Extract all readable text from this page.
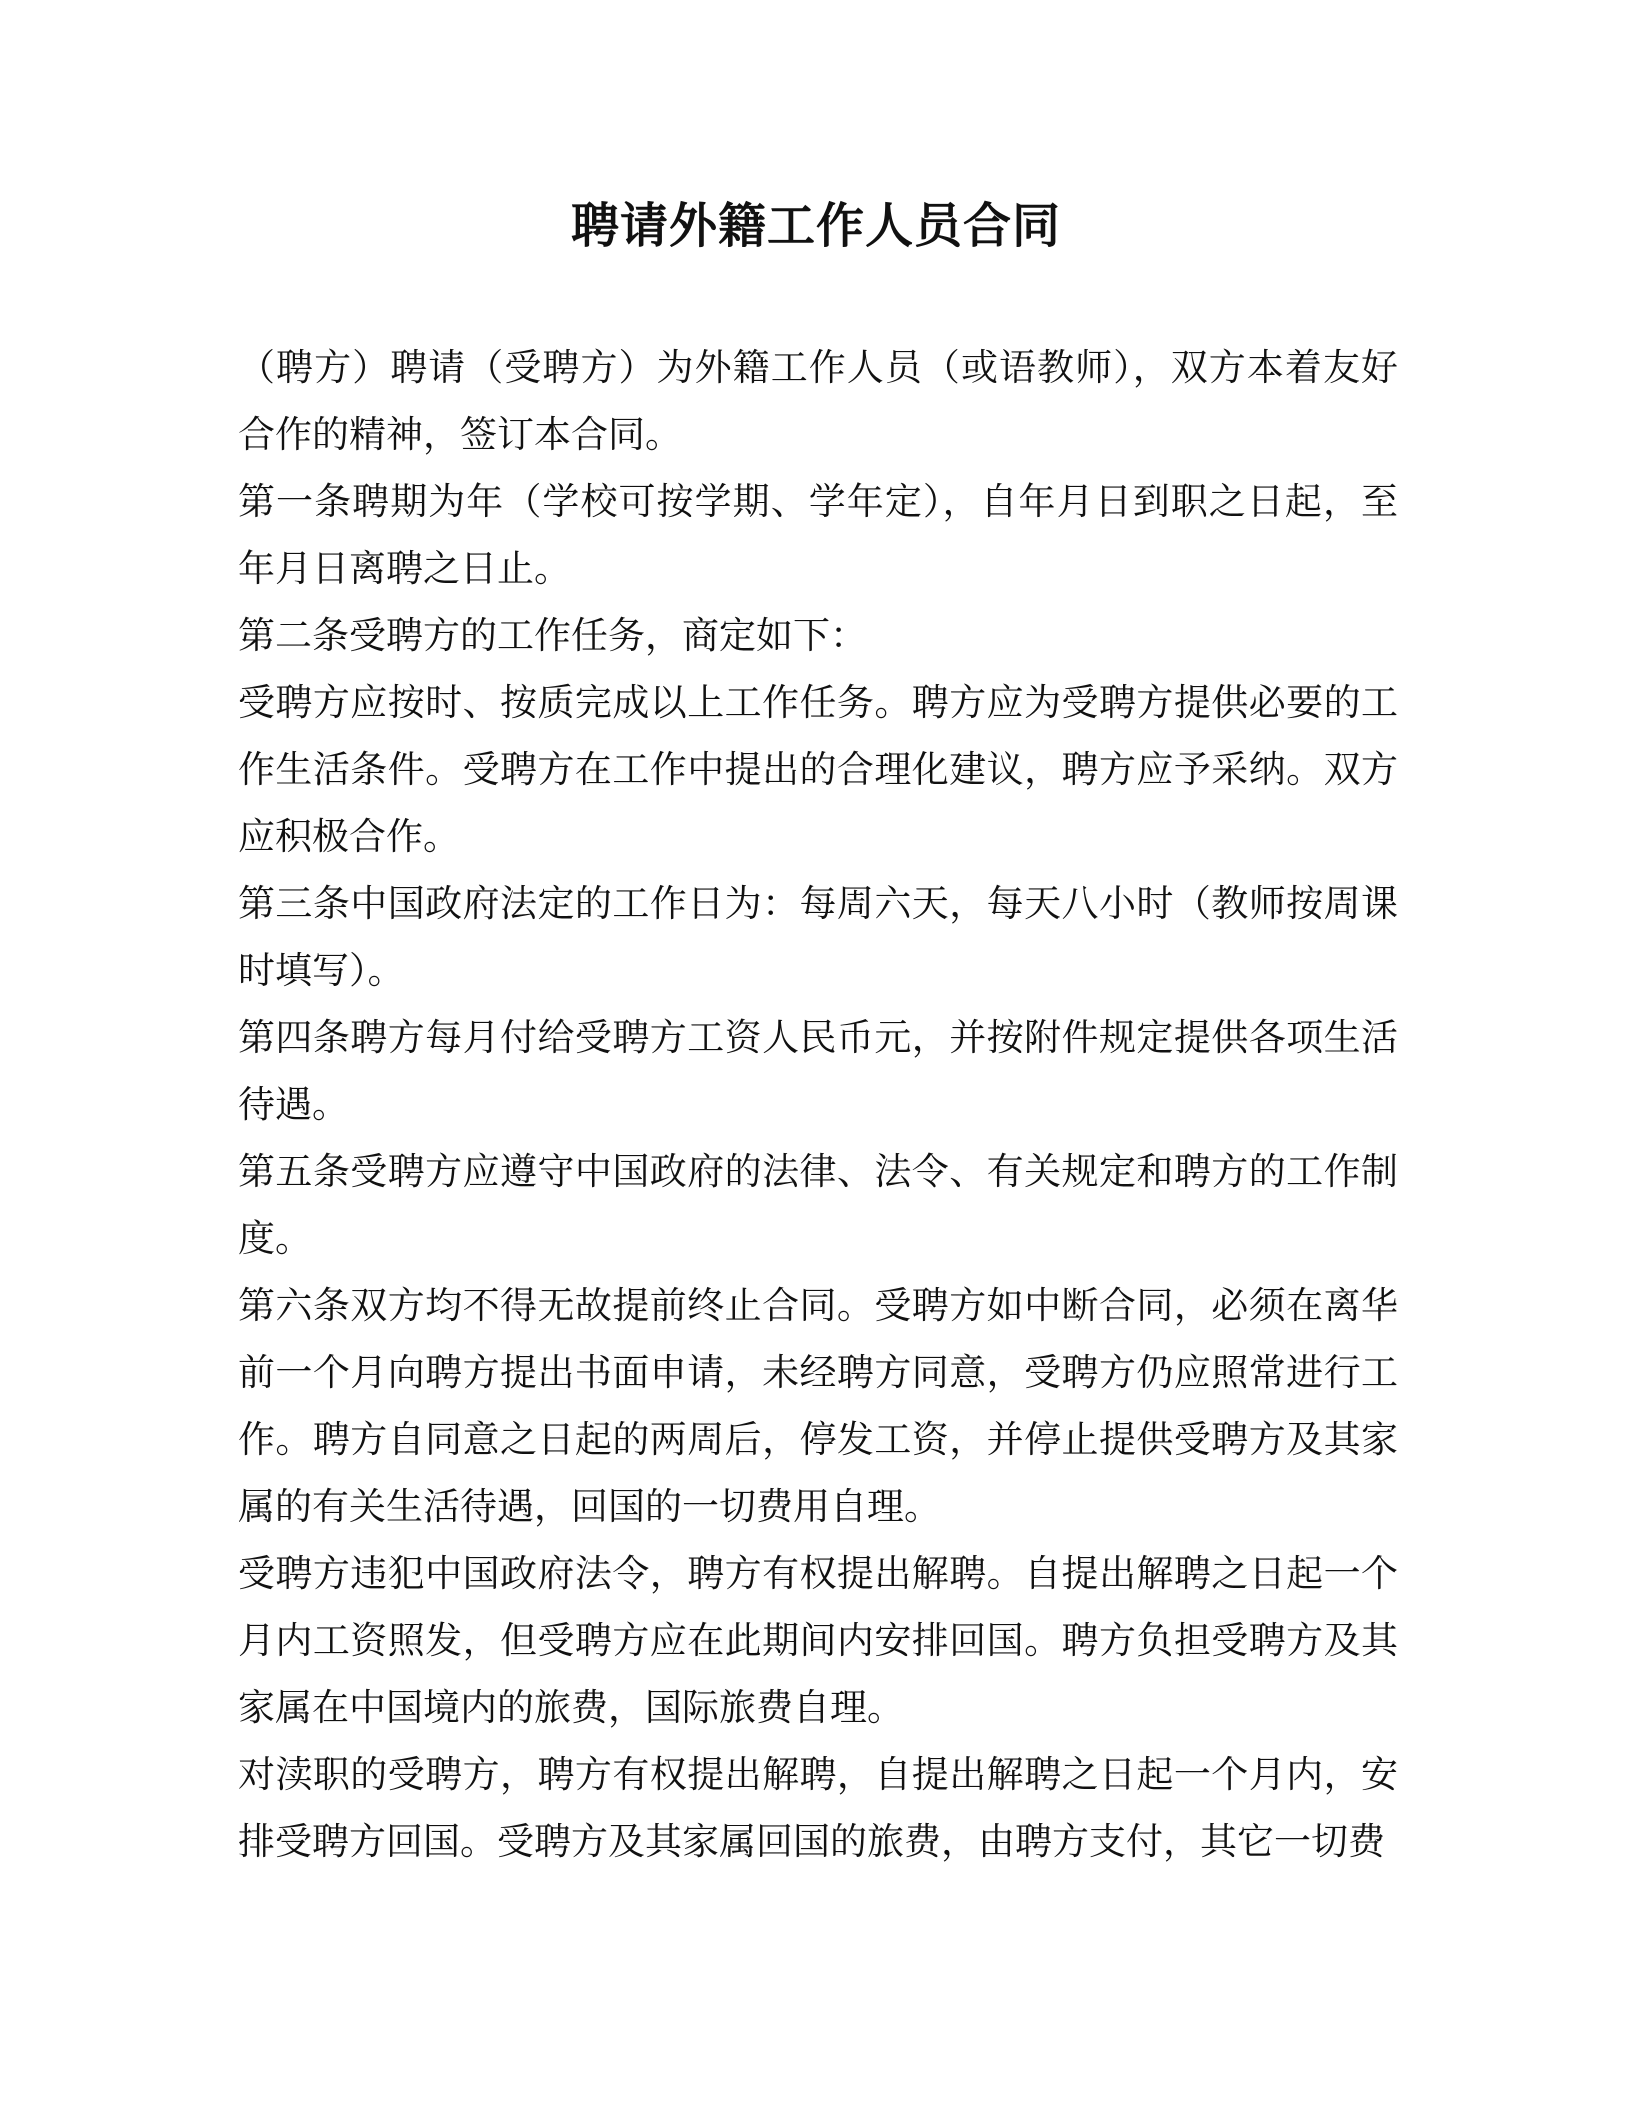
聘请外籍工作人员合同

（聘方）聘请（受聘方）为外籍工作人员（或语教师），双方本着友好合作的精神，签订本合同。

第一条聘期为年（学校可按学期、学年定），自年月日到职之日起，至年月日离聘之日止。

第二条受聘方的工作任务，商定如下：

受聘方应按时、按质完成以上工作任务。聘方应为受聘方提供必要的工作生活条件。受聘方在工作中提出的合理化建议，聘方应予采纳。双方应积极合作。

第三条中国政府法定的工作日为：每周六天，每天八小时（教师按周课时填写）。

第四条聘方每月付给受聘方工资人民币元，并按附件规定提供各项生活待遇。

第五条受聘方应遵守中国政府的法律、法令、有关规定和聘方的工作制度。

第六条双方均不得无故提前终止合同。受聘方如中断合同，必须在离华前一个月向聘方提出书面申请，未经聘方同意，受聘方仍应照常进行工作。聘方自同意之日起的两周后，停发工资，并停止提供受聘方及其家属的有关生活待遇，回国的一切费用自理。

受聘方违犯中国政府法令，聘方有权提出解聘。自提出解聘之日起一个月内工资照发，但受聘方应在此期间内安排回国。聘方负担受聘方及其家属在中国境内的旅费，国际旅费自理。

对渎职的受聘方，聘方有权提出解聘，自提出解聘之日起一个月内，安排受聘方回国。受聘方及其家属回国的旅费，由聘方支付，其它一切费
